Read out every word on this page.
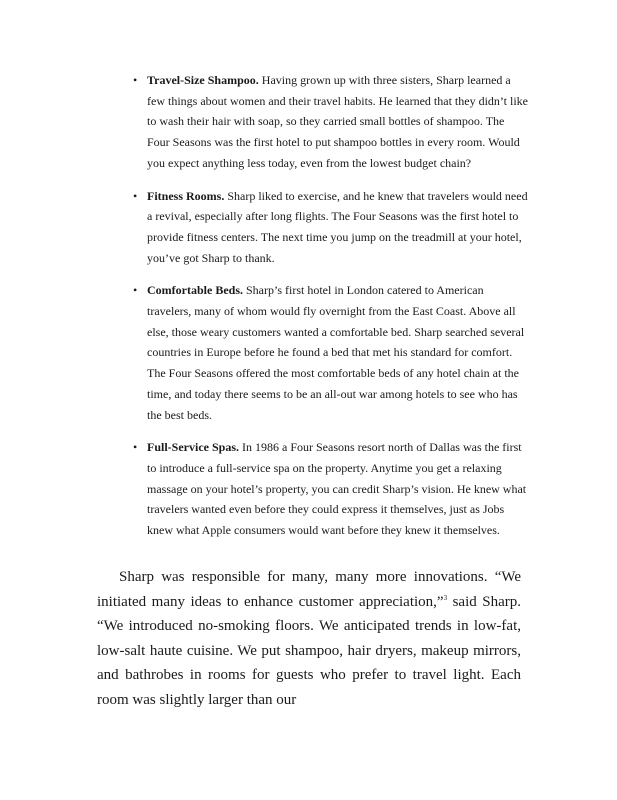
• Travel-Size Shampoo. Having grown up with three sisters, Sharp learned a few things about women and their travel habits. He learned that they didn’t like to wash their hair with soap, so they carried small bottles of shampoo. The Four Seasons was the first hotel to put shampoo bottles in every room. Would you expect anything less today, even from the lowest budget chain?
• Fitness Rooms. Sharp liked to exercise, and he knew that travelers would need a revival, especially after long flights. The Four Seasons was the first hotel to provide fitness centers. The next time you jump on the treadmill at your hotel, you’ve got Sharp to thank.
• Comfortable Beds. Sharp’s first hotel in London catered to American travelers, many of whom would fly overnight from the East Coast. Above all else, those weary customers wanted a comfortable bed. Sharp searched several countries in Europe before he found a bed that met his standard for comfort. The Four Seasons offered the most comfortable beds of any hotel chain at the time, and today there seems to be an all-out war among hotels to see who has the best beds.
• Full-Service Spas. In 1986 a Four Seasons resort north of Dallas was the first to introduce a full-service spa on the property. Anytime you get a relaxing massage on your hotel’s property, you can credit Sharp’s vision. He knew what travelers wanted even before they could express it themselves, just as Jobs knew what Apple consumers would want before they knew it themselves.

Sharp was responsible for many, many more innovations. “We initiated many ideas to enhance customer appreciation,”$^3$ said Sharp. “We introduced no-smoking floors. We anticipated trends in low-fat, low-salt haute cuisine. We put shampoo, hair dryers, makeup mirrors, and bathrobes in rooms for guests who prefer to travel light. Each room was slightly larger than our
